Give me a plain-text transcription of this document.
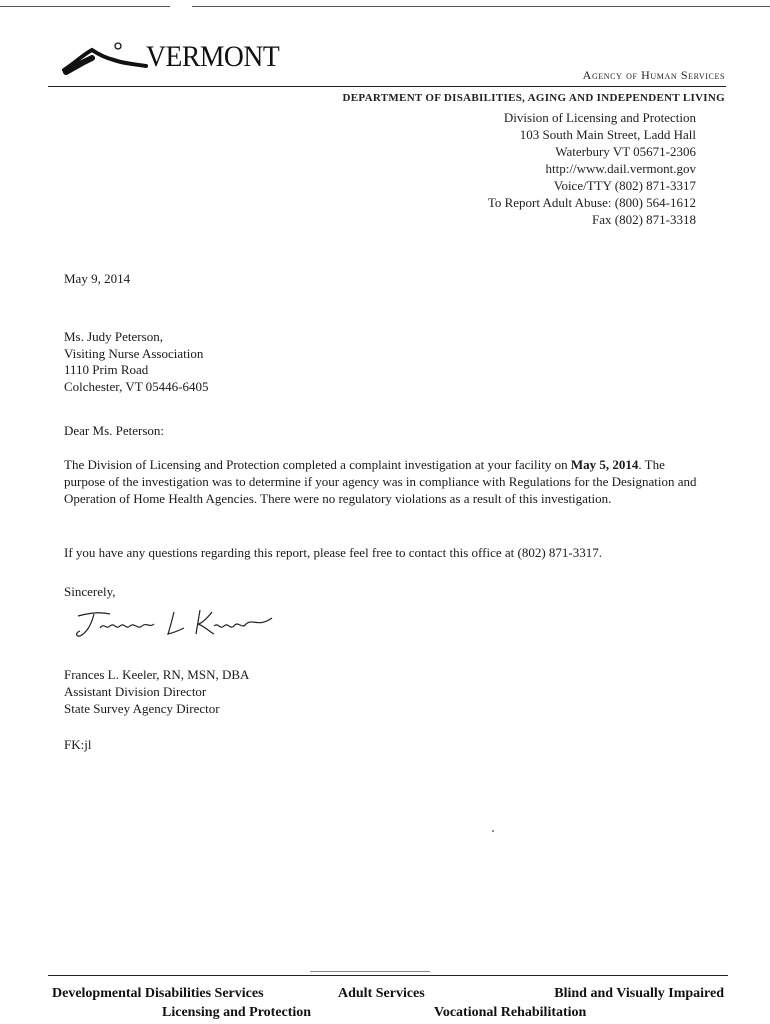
VERMONT
Agency of Human Services
DEPARTMENT OF DISABILITIES, AGING AND INDEPENDENT LIVING
Division of Licensing and Protection
103 South Main Street, Ladd Hall
Waterbury VT 05671-2306
http://www.dail.vermont.gov
Voice/TTY (802) 871-3317
To Report Adult Abuse: (800) 564-1612
Fax (802) 871-3318
May 9, 2014
Ms. Judy Peterson,
Visiting Nurse Association
1110 Prim Road
Colchester, VT 05446-6405
Dear Ms. Peterson:
The Division of Licensing and Protection completed a complaint investigation at your facility on May 5, 2014. The purpose of the investigation was to determine if your agency was in compliance with Regulations for the Designation and Operation of Home Health Agencies. There were no regulatory violations as a result of this investigation.
If you have any questions regarding this report, please feel free to contact this office at (802) 871-3317.
Sincerely,
Frances L. Keeler, RN, MSN, DBA
Assistant Division Director
State Survey Agency Director
FK:jl
Developmental Disabilities Services	Adult Services	Blind and Visually Impaired
Licensing and Protection	Vocational Rehabilitation
